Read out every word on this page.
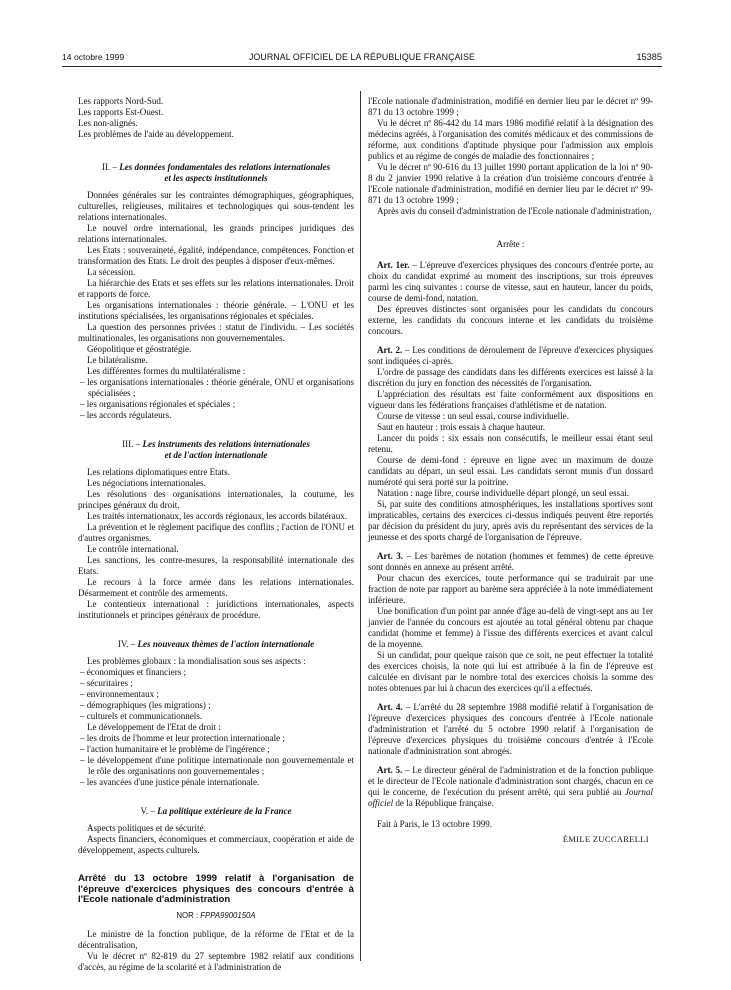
14 octobre 1999	JOURNAL OFFICIEL DE LA RÉPUBLIQUE FRANÇAISE	15385

Les rapports Nord-Sud.

Les rapports Est-Ouest.

Les non-alignés.

Les problèmes de l'aide au développement.

II. – Les données fondamentales des relations internationales

et les aspects institutionnels

Données générales sur les contraintes démographiques, géographiques, culturelles, religieuses, militaires et technologiques qui sous-tendent les relations internationales.

Le nouvel ordre international, les grands principes juridiques des relations internationales.

Les Etats : souveraineté, égalité, indépendance, compétences. Fonction et transformation des Etats. Le droit des peuples à disposer d'eux-mêmes.

La sécession.

La hiérarchie des Etats et ses effets sur les relations internationales. Droit et rapports de force.

Les organisations internationales : théorie générale. – L'ONU et les institutions spécialisées, les organisations régionales et spéciales.

La question des personnes privées : statut de l'individu. – Les sociétés multinationales, les organisations non gouvernementales.

Géopolitique et géostratégie.

Le bilatéralisme.

Les différentes formes du multilatéralisme :

– les organisations internationales : théorie générale, ONU et organisations spécialisées ;

– les organisations régionales et spéciales ;

– les accords régulateurs.

III. – Les instruments des relations internationales

et de l'action internationale

Les relations diplomatiques entre Etats.

Les négociations internationales.

Les résolutions des organisations internationales, la coutume, les principes généraux du droit.

Les traités internationaux, les accords régionaux, les accords bilatéraux.

La prévention et le règlement pacifique des conflits ; l'action de l'ONU et d'autres organismes.

Le contrôle international.

Les sanctions, les contre-mesures, la responsabilité internationale des Etats.

Le recours à la force armée dans les relations internationales. Désarmement et contrôle des armements.

Le contentieux international : juridictions internationales, aspects institutionnels et principes généraux de procédure.

IV. – Les nouveaux thèmes de l'action internationale

Les problèmes globaux : la mondialisation sous ses aspects :

– économiques et financiers ;

– sécuritaires ;

– environnementaux ;

– démographiques (les migrations) ;

– culturels et communicationnels.

Le développement de l'Etat de droit :

– les droits de l'homme et leur protection internationale ;

– l'action humanitaire et le problème de l'ingérence ;

– le développement d'une politique internationale non gouvernementale et le rôle des organisations non gouvernementales ;

– les avancées d'une justice pénale internationale.

V. – La politique extérieure de la France

Aspects politiques et de sécurité.

Aspects financiers, économiques et commerciaux, coopération et aide de développement, aspects culturels.

Arrêté du 13 octobre 1999 relatif à l'organisation de l'épreuve d'exercices physiques des concours d'entrée à l'Ecole nationale d'administration

NOR : FPPA9900150A

Le ministre de la fonction publique, de la réforme de l'Etat et de la décentralisation,

Vu le décret nº 82-819 du 27 septembre 1982 relatif aux conditions d'accès, au régime de la scolarité et à l'administration de

l'Ecole nationale d'administration, modifié en dernier lieu par le décret nº 99-871 du 13 octobre 1999 ;

Vu le décret nº 86-442 du 14 mars 1986 modifié relatif à la désignation des médecins agréés, à l'organisation des comités médicaux et des commissions de réforme, aux conditions d'aptitude physique pour l'admission aux emplois publics et au régime de congés de maladie des fonctionnaires ;

Vu le décret nº 90-616 du 13 juillet 1990 portant application de la loi nº 90-8 du 2 janvier 1990 relative à la création d'un troisième concours d'entrée à l'Ecole nationale d'administration, modifié en dernier lieu par le décret nº 99-871 du 13 octobre 1999 ;

Après avis du conseil d'administration de l'Ecole nationale d'administration,

Arrête :

Art. 1er. – L'épreuve d'exercices physiques des concours d'entrée porte, au choix du candidat exprimé au moment des inscriptions, sur trois épreuves parmi les cinq suivantes : course de vitesse, saut en hauteur, lancer du poids, course de demi-fond, natation.

Des épreuves distinctes sont organisées pour les candidats du concours externe, les candidats du concours interne et les candidats du troisième concours.

Art. 2. – Les conditions de déroulement de l'épreuve d'exercices physiques sont indiquées ci-après.

L'ordre de passage des candidats dans les différents exercices est laissé à la discrétion du jury en fonction des nécessités de l'organisation.

L'appréciation des résultats est faite conformément aux dispositions en vigueur dans les fédérations françaises d'athlétisme et de natation.

Course de vitesse : un seul essai, course individuelle.

Saut en hauteur : trois essais à chaque hauteur.

Lancer du poids : six essais non consécutifs, le meilleur essai étant seul retenu.

Course de demi-fond : épreuve en ligne avec un maximum de douze candidats au départ, un seul essai. Les candidats seront munis d'un dossard numéroté qui sera porté sur la poitrine.

Natation : nage libre, course individuelle départ plongé, un seul essai.

Si, par suite des conditions atmosphériques, les installations sportives sont impraticables, certains des exercices ci-dessus indiqués peuvent être reportés par décision du président du jury, après avis du représentant des services de la jeunesse et des sports chargé de l'organisation de l'épreuve.

Art. 3. – Les barèmes de notation (hommes et femmes) de cette épreuve sont donnés en annexe au présent arrêté.

Pour chacun des exercices, toute performance qui se traduirait par une fraction de note par rapport au barème sera appréciée à la note immédiatement inférieure.

Une bonification d'un point par année d'âge au-delà de vingt-sept ans au 1er janvier de l'année du concours est ajoutée au total général obtenu par chaque candidat (homme et femme) à l'issue des différents exercices et avant calcul de la moyenne.

Si un candidat, pour quelque raison que ce soit, ne peut effectuer la totalité des exercices choisis, la note qui lui est attribuée à la fin de l'épreuve est calculée en divisant par le nombre total des exercices choisis la somme des notes obtenues par lui à chacun des exercices qu'il a effectués.

Art. 4. – L'arrêté du 28 septembre 1988 modifié relatif à l'organisation de l'épreuve d'exercices physiques des concours d'entrée à l'Ecole nationale d'administration et l'arrêté du 5 octobre 1990 relatif à l'organisation de l'épreuve d'exercices physiques du troisième concours d'entrée à l'Ecole nationale d'administration sont abrogés.

Art. 5. – Le directeur général de l'administration et de la fonction publique et le directeur de l'Ecole nationale d'administration sont chargés, chacun en ce qui le concerne, de l'exécution du présent arrêté, qui sera publié au Journal officiel de la République française.

Fait à Paris, le 13 octobre 1999.

ÉMILE ZUCCARELLI
